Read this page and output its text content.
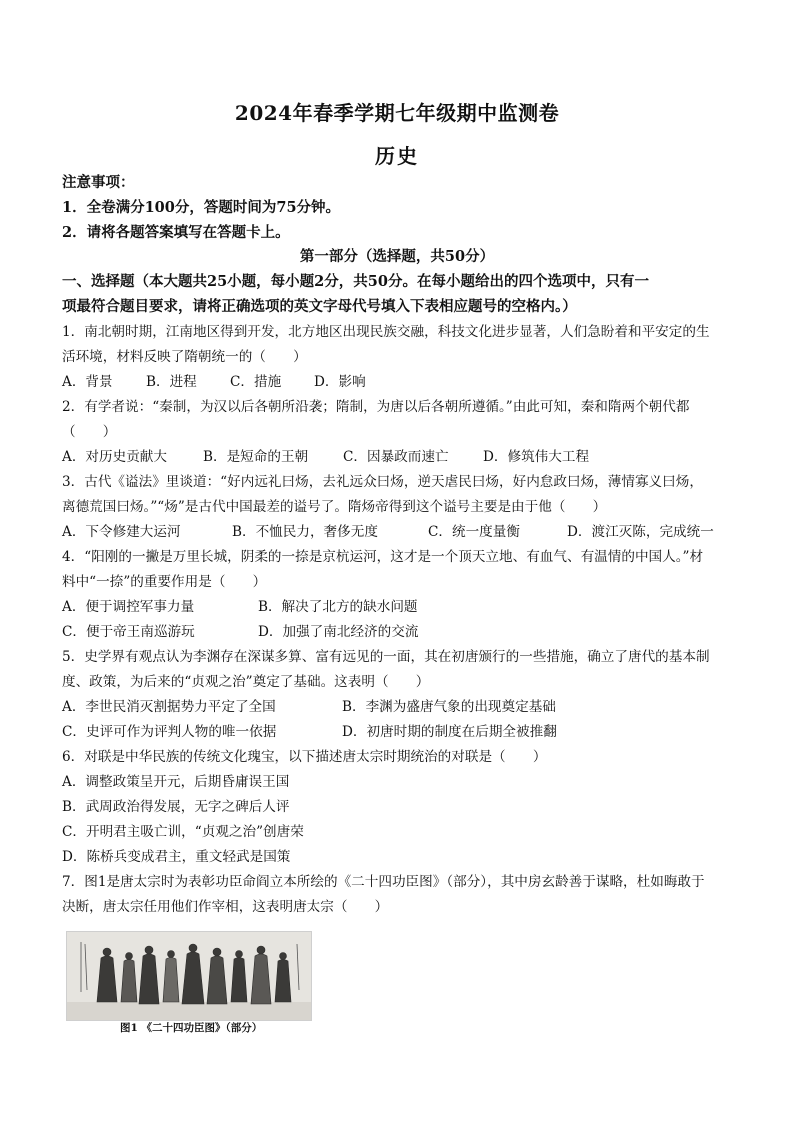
2024年春季学期七年级期中监测卷
历史
注意事项：
1．全卷满分100分，答题时间为75分钟。
2．请将各题答案填写在答题卡上。
第一部分（选择题，共50分）
一、选择题（本大题共25小题，每小题2分，共50分。在每小题给出的四个选项中，只有一
项最符合题目要求，请将正确选项的英文字母代号填入下表相应题号的空格内。）
1．南北朝时期，江南地区得到开发，北方地区出现民族交融，科技文化进步显著，人们急盼着和平安定的生
活环境，材料反映了隋朝统一的（　　）
A．背景 B．进程 C．措施 D．影响
2．有学者说：“秦制，为汉以后各朝所沿袭；隋制，为唐以后各朝所遵循。”由此可知，秦和隋两个朝代都
（　　）
A．对历史贡献大	B．是短命的王朝	C．因暴政而速亡	D．修筑伟大工程
3．古代《谥法》里谈道：“好内远礼曰炀，去礼远众曰炀，逆天虐民曰炀，好内怠政曰炀，薄情寡义曰炀，
离德荒国曰炀。”“炀”是古代中国最差的谥号了。隋炀帝得到这个谥号主要是由于他（　　）
A．下令修建大运河	B．不恤民力，奢侈无度	C．统一度量衡	D．渡江灭陈，完成统一
4．“阳刚的一撇是万里长城，阴柔的一捺是京杭运河，这才是一个顶天立地、有血气、有温情的中国人。”材
料中“一捺”的重要作用是（　　）
A．便于调控军事力量	B．解决了北方的缺水问题
C．便于帝王南巡游玩	D．加强了南北经济的交流
5．史学界有观点认为李渊存在深谋多算、富有远见的一面，其在初唐颁行的一些措施，确立了唐代的基本制
度、政策，为后来的“贞观之治”奠定了基础。这表明（　　）
A．李世民消灭割据势力平定了全国	B．李渊为盛唐气象的出现奠定基础
C．史评可作为评判人物的唯一依据	D．初唐时期的制度在后期全被推翻
6．对联是中华民族的传统文化瑰宝，以下描述唐太宗时期统治的对联是（　　）
A．调整政策呈开元，后期昏庸误王国
B．武周政治得发展，无字之碑后人评
C．开明君主吸亡训，“贞观之治”创唐荣
D．陈桥兵变成君主，重文轻武是国策
7．图1是唐太宗时为表彰功臣命阎立本所绘的《二十四功臣图》（部分），其中房玄龄善于谋略，杜如晦敢于
决断，唐太宗任用他们作宰相，这表明唐太宗（　　）
图1 《二十四功臣图》（部分）
